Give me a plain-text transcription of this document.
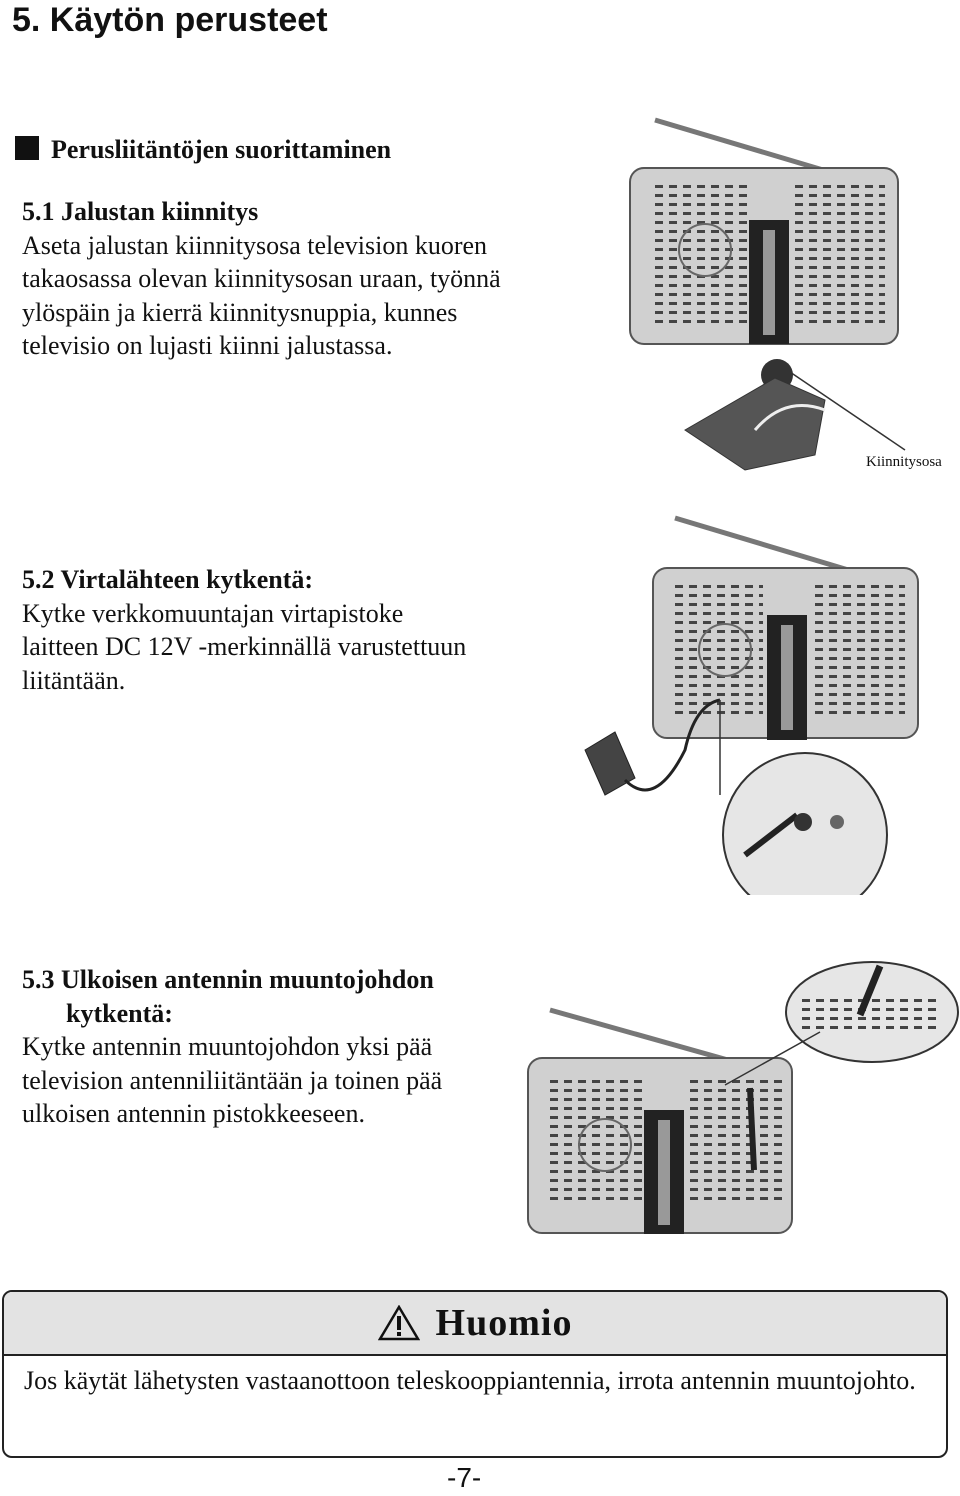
5. Käytön perusteet
Perusliitäntöjen suorittaminen
5.1 Jalustan kiinnitys

Aseta jalustan kiinnitysosa television kuoren takaosassa olevan kiinnitysosan uraan, työnnä ylöspäin ja kierrä kiinnitysnuppia, kunnes televisio on lujasti kiinni jalustassa.

5.2 Virtalähteen kytkentä:

Kytke verkkomuuntajan virtapistoke laitteen DC 12V -merkinnällä varustettuun liitäntään.

5.3 Ulkoisen antennin muuntojohdon
kytkentä:

Kytke antennin muuntojohdon yksi pää television antenniliitäntään ja toinen pää ulkoisen antennin pistokkeeseen.

Kiinnitysosa
Huomio
Jos käytät lähetysten vastaanottoon teleskooppiantennia, irrota antennin muuntojohto.
-7-
